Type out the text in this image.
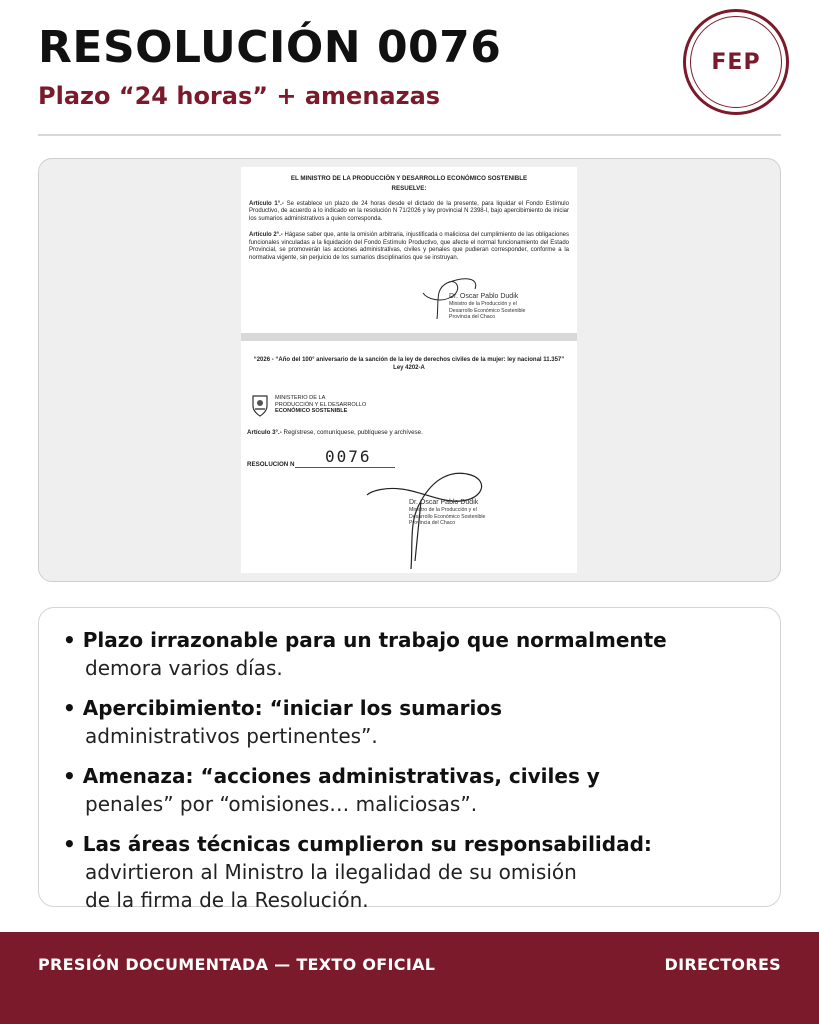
RESOLUCIÓN 0076
Plazo “24 horas” + amenazas
FEP
EL MINISTRO DE LA PRODUCCIÓN Y DESARROLLO ECONÓMICO SOSTENIBLE
RESUELVE:
Artículo 1°.- Se establece un plazo de 24 horas desde el dictado de la presente, para liquidar el Fondo Estímulo Productivo, de acuerdo a lo indicado en la resolución N 71/2026 y ley provincial N 2398-I, bajo apercibimiento de iniciar los sumarios administrativos a quien corresponda.
Artículo 2°.- Hágase saber que, ante la omisión arbitraria, injustificada o maliciosa del cumplimiento de las obligaciones funcionales vinculadas a la liquidación del Fondo Estímulo Productivo, que afecte el normal funcionamiento del Estado Provincial, se promoverán las acciones administrativas, civiles y penales que pudieran corresponder, conforme a la normativa vigente, sin perjuicio de los sumarios disciplinarios que se instruyan.
Dr. Oscar Pablo Dudik
Ministro de la Producción y el
Desarrollo Económico Sostenible
Provincia del Chaco
“2026 - “Año del 100° aniversario de la sanción de la ley de derechos civiles de la mujer: ley nacional 11.357” Ley 4202-A
MINISTERIO DE LA
PRODUCCIÓN Y EL DESARROLLO
ECONÓMICO SOSTENIBLE
Artículo 3°.- Regístrese, comuníquese, publíquese y archívese.
RESOLUCION N 0076
Dr. Oscar Pablo Dudik
Ministro de la Producción y el
Desarrollo Económico Sostenible
Provincia del Chaco
• Plazo irrazonable para un trabajo que normalmente
demora varios días.
• Apercibimiento: “iniciar los sumarios
administrativos pertinentes”.
• Amenaza: “acciones administrativas, civiles y
penales” por “omisiones… maliciosas”.
• Las áreas técnicas cumplieron su responsabilidad:
advirtieron al Ministro la ilegalidad de su omisión
de la firma de la Resolución.
PRESIÓN DOCUMENTADA — TEXTO OFICIAL	DIRECTORES
